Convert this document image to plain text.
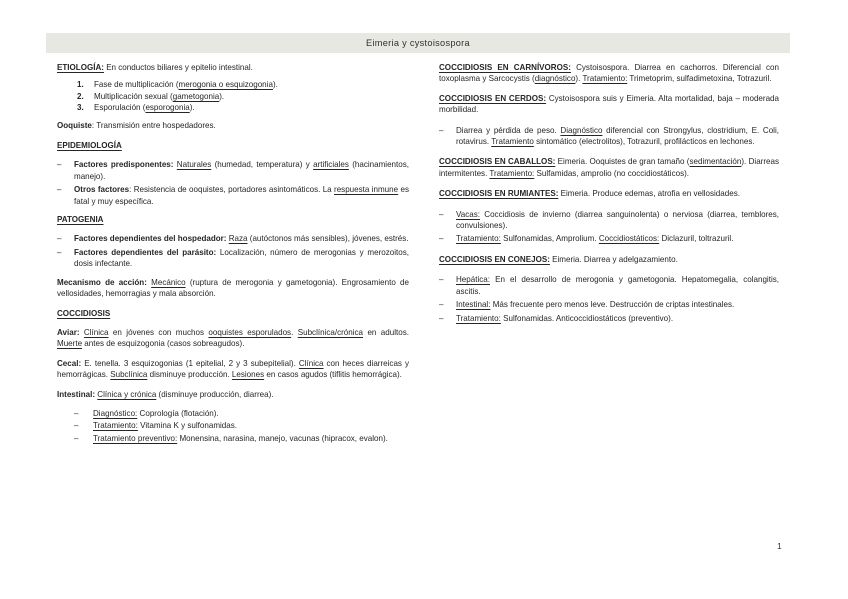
Eimeria y cystoisospora

ETIOLOGÍA: En conductos biliares y epitelio intestinal.

1. Fase de multiplicación (merogonia o esquizogonia).
2. Multiplicación sexual (gametogonia).
3. Esporulación (esporogonia).

Ooquiste: Transmisión entre hospedadores.

EPIDEMIOLOGÍA

– Factores predisponentes: Naturales (humedad, temperatura) y artificiales (hacinamientos, manejo).
– Otros factores: Resistencia de ooquistes, portadores asintomáticos. La respuesta inmune es fatal y muy específica.

PATOGENIA

– Factores dependientes del hospedador: Raza (autóctonos más sensibles), jóvenes, estrés.
– Factores dependientes del parásito: Localización, número de merogonias y merozoitos, dosis infectante.

Mecanismo de acción: Mecánico (ruptura de merogonia y gametogonia). Engrosamiento de vellosidades, hemorragias y mala absorción.

COCCIDIOSIS

Aviar: Clínica en jóvenes con muchos ooquistes esporulados. Subclínica/crónica en adultos. Muerte antes de esquizogonia (casos sobreagudos).

Cecal: E. tenella. 3 esquizogonias (1 epitelial, 2 y 3 subepitelial). Clínica con heces diarreicas y hemorrágicas. Subclínica disminuye producción. Lesiones en casos agudos (tiflitis hemorrágica).

Intestinal: Clínica y crónica (disminuye producción, diarrea).

– Diagnóstico: Coprología (flotación).
– Tratamiento: Vitamina K y sulfonamidas.
– Tratamiento preventivo: Monensina, narasina, manejo, vacunas (hipracox, evalon).

COCCIDIOSIS EN CARNÍVOROS: Cystoisospora. Diarrea en cachorros. Diferencial con toxoplasma y Sarcocystis (diagnóstico). Tratamiento: Trimetoprim, sulfadimetoxina, Totrazuril.

COCCIDIOSIS EN CERDOS: Cystoisospora suis y Eimeria. Alta mortalidad, baja – moderada morbilidad.

– Diarrea y pérdida de peso. Diagnóstico diferencial con Strongylus, clostridium, E. Coli, rotavirus. Tratamiento sintomático (electrolitos), Totrazuril, profilácticos en lechones.

COCCIDIOSIS EN CABALLOS: Eimeria. Ooquistes de gran tamaño (sedimentación). Diarreas intermitentes. Tratamiento: Sulfamidas, amprolio (no coccidiostáticos).

COCCIDIOSIS EN RUMIANTES: Eimeria. Produce edemas, atrofia en vellosidades.

– Vacas: Coccidiosis de invierno (diarrea sanguinolenta) o nerviosa (diarrea, temblores, convulsiones).
– Tratamiento: Sulfonamidas, Amprolium. Coccidiostáticos: Diclazuril, toltrazuril.

COCCIDIOSIS EN CONEJOS: Eimeria. Diarrea y adelgazamiento.

– Hepática: En el desarrollo de merogonia y gametogonia. Hepatomegalia, colangitis, ascitis.
– Intestinal: Más frecuente pero menos leve. Destrucción de criptas intestinales.
– Tratamiento: Sulfonamidas. Anticoccidiostáticos (preventivo).
1
